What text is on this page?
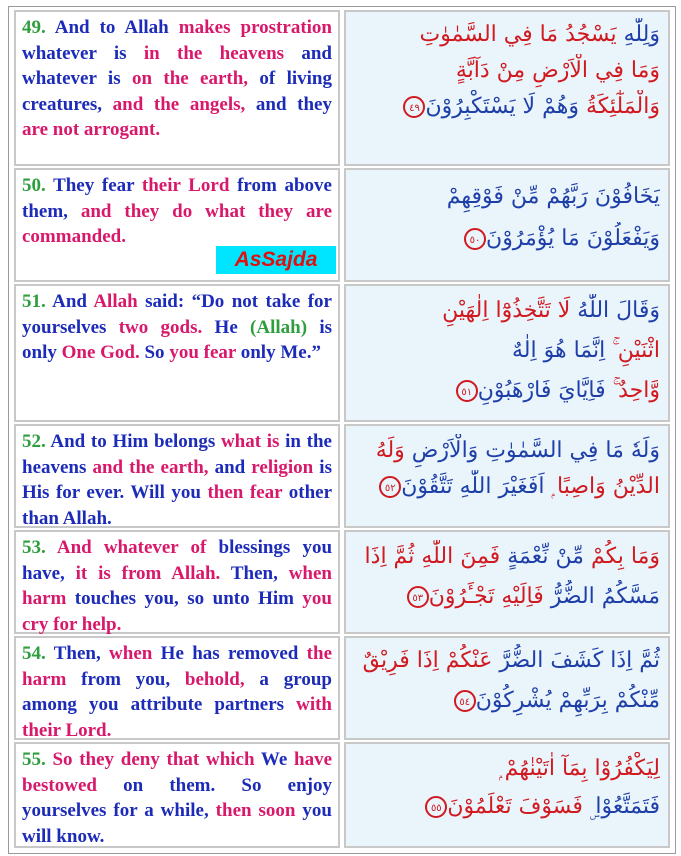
49. And to Allah makes prostration whatever is in the heavens and whatever is on the earth, of living creatures, and the angels, and they are not arrogant.

وَلِلّٰهِ يَسْجُدُ مَا فِي السَّمٰوٰتِ
وَمَا فِي الْاَرْضِ مِنْ دَآبَّةٍ
وَالْمَلٰٓئِكَةُ وَهُمْ لَا يَسْتَكْبِرُوْنَ٤٩

50. They fear their Lord from above them, and they do what they are commanded.

AsSajda
يَخَافُوْنَ رَبَّهُمْ مِّنْ فَوْقِهِمْ
وَيَفْعَلُوْنَ مَا يُؤْمَرُوْنَ٥٠

51. And Allah said: “Do not take for yourselves two gods. He (Allah) is only One God. So you fear only Me.”

وَقَالَ اللّٰهُ لَا تَتَّخِذُوْٓا اِلٰهَيْنِ
اثْنَيْنِ ۚ اِنَّمَا هُوَ اِلٰهٌ
وَّاحِدٌ ۚ فَاِيَّايَ فَارْهَبُوْنِ٥١

52. And to Him belongs what is in the heavens and the earth, and religion is His for ever. Will you then fear other than Allah.

وَلَهٗ مَا فِي السَّمٰوٰتِ وَالْاَرْضِ وَلَهُ
الدِّيْنُ وَاصِبًا ۭ اَفَغَيْرَ اللّٰهِ تَتَّقُوْنَ٥٢

53. And whatever of blessings you have, it is from Allah. Then, when harm touches you, so unto Him you cry for help.

وَمَا بِكُمْ مِّنْ نِّعْمَةٍ فَمِنَ اللّٰهِ ثُمَّ اِذَا
مَسَّكُمُ الضُّرُّ فَاِلَيْهِ تَجْـَٔرُوْنَ٥٣

54. Then, when He has removed the harm from you, behold, a group among you attribute partners with their Lord.

ثُمَّ اِذَا كَشَفَ الضُّرَّ عَنْكُمْ اِذَا فَرِيْقٌ
مِّنْكُمْ بِرَبِّهِمْ يُشْرِكُوْنَ٥٤

55. So they deny that which We have bestowed on them. So enjoy yourselves for a while, then soon you will know.

لِيَكْفُرُوْا بِمَآ اٰتَيْنٰهُمْ ۭ
فَتَمَتَّعُوْا ۣ فَسَوْفَ تَعْلَمُوْنَ٥٥
